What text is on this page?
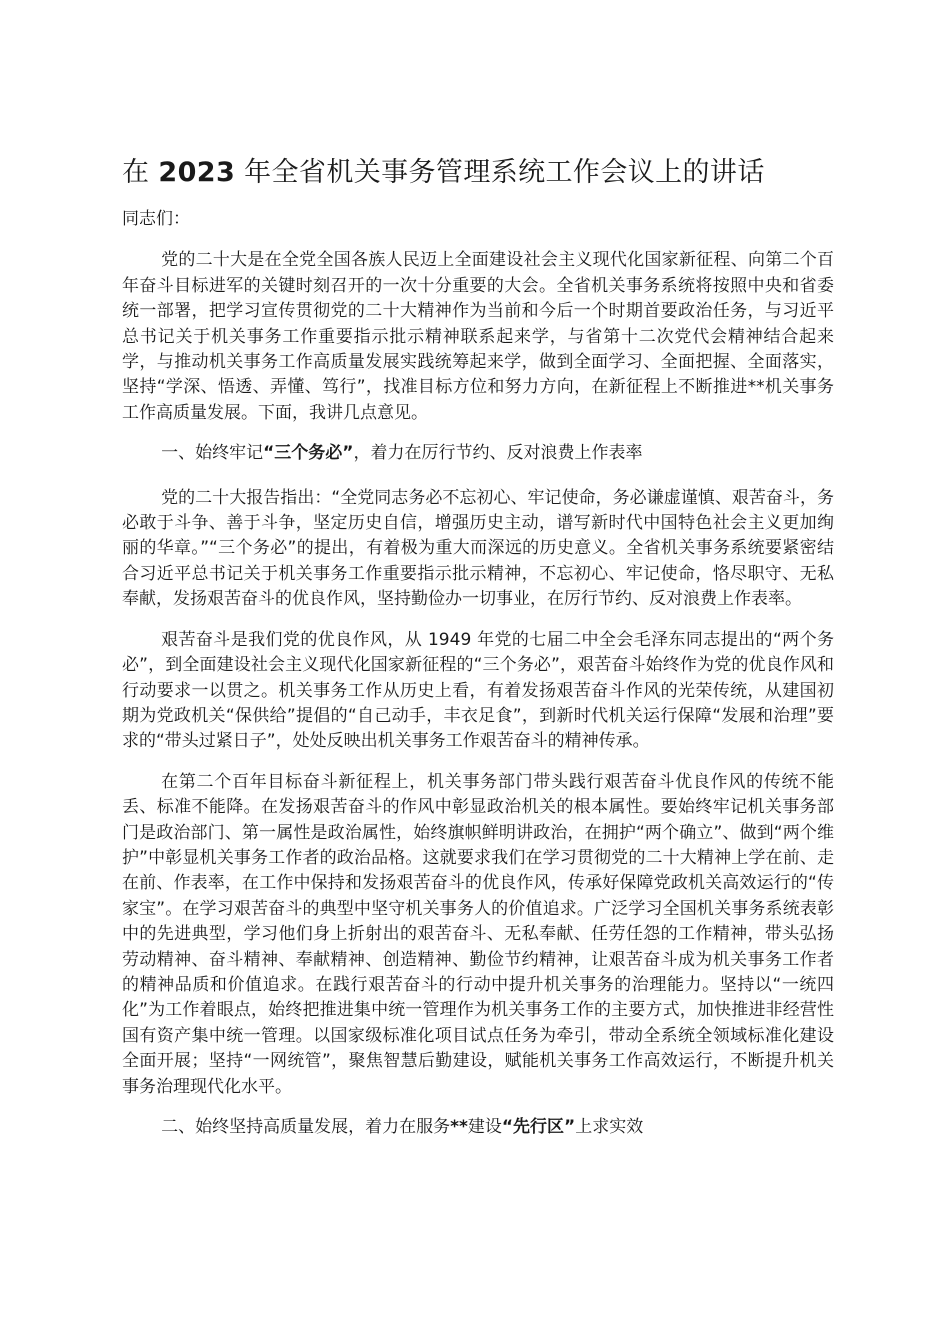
在 2023 年全省机关事务管理系统工作会议上的讲话

同志们：

党的二十大是在全党全国各族人民迈上全面建设社会主义现代化国家新征程、向第二个百年奋斗目标进军的关键时刻召开的一次十分重要的大会。全省机关事务系统将按照中央和省委统一部署，把学习宣传贯彻党的二十大精神作为当前和今后一个时期首要政治任务，与习近平总书记关于机关事务工作重要指示批示精神联系起来学，与省第十二次党代会精神结合起来学，与推动机关事务工作高质量发展实践统筹起来学，做到全面学习、全面把握、全面落实，坚持“学深、悟透、弄懂、笃行”，找准目标方位和努力方向，在新征程上不断推进**机关事务工作高质量发展。下面，我讲几点意见。

一、始终牢记“三个务必”，着力在厉行节约、反对浪费上作表率

党的二十大报告指出：“全党同志务必不忘初心、牢记使命，务必谦虚谨慎、艰苦奋斗，务必敢于斗争、善于斗争，坚定历史自信，增强历史主动，谱写新时代中国特色社会主义更加绚丽的华章。”“三个务必”的提出，有着极为重大而深远的历史意义。全省机关事务系统要紧密结合习近平总书记关于机关事务工作重要指示批示精神，不忘初心、牢记使命，恪尽职守、无私奉献，发扬艰苦奋斗的优良作风，坚持勤俭办一切事业，在厉行节约、反对浪费上作表率。

艰苦奋斗是我们党的优良作风，从 1949 年党的七届二中全会毛泽东同志提出的“两个务必”，到全面建设社会主义现代化国家新征程的“三个务必”，艰苦奋斗始终作为党的优良作风和行动要求一以贯之。机关事务工作从历史上看，有着发扬艰苦奋斗作风的光荣传统，从建国初期为党政机关“保供给”提倡的“自己动手，丰衣足食”，到新时代机关运行保障“发展和治理”要求的“带头过紧日子”，处处反映出机关事务工作艰苦奋斗的精神传承。

在第二个百年目标奋斗新征程上，机关事务部门带头践行艰苦奋斗优良作风的传统不能丢、标准不能降。在发扬艰苦奋斗的作风中彰显政治机关的根本属性。要始终牢记机关事务部门是政治部门、第一属性是政治属性，始终旗帜鲜明讲政治，在拥护“两个确立”、做到“两个维护”中彰显机关事务工作者的政治品格。这就要求我们在学习贯彻党的二十大精神上学在前、走在前、作表率，在工作中保持和发扬艰苦奋斗的优良作风，传承好保障党政机关高效运行的“传家宝”。在学习艰苦奋斗的典型中坚守机关事务人的价值追求。广泛学习全国机关事务系统表彰中的先进典型，学习他们身上折射出的艰苦奋斗、无私奉献、任劳任怨的工作精神，带头弘扬劳动精神、奋斗精神、奉献精神、创造精神、勤俭节约精神，让艰苦奋斗成为机关事务工作者的精神品质和价值追求。在践行艰苦奋斗的行动中提升机关事务的治理能力。坚持以“一统四化”为工作着眼点，始终把推进集中统一管理作为机关事务工作的主要方式，加快推进非经营性国有资产集中统一管理。以国家级标准化项目试点任务为牵引，带动全系统全领域标准化建设全面开展；坚持“一网统管”，聚焦智慧后勤建设，赋能机关事务工作高效运行，不断提升机关事务治理现代化水平。

二、始终坚持高质量发展，着力在服务**建设“先行区”上求实效
